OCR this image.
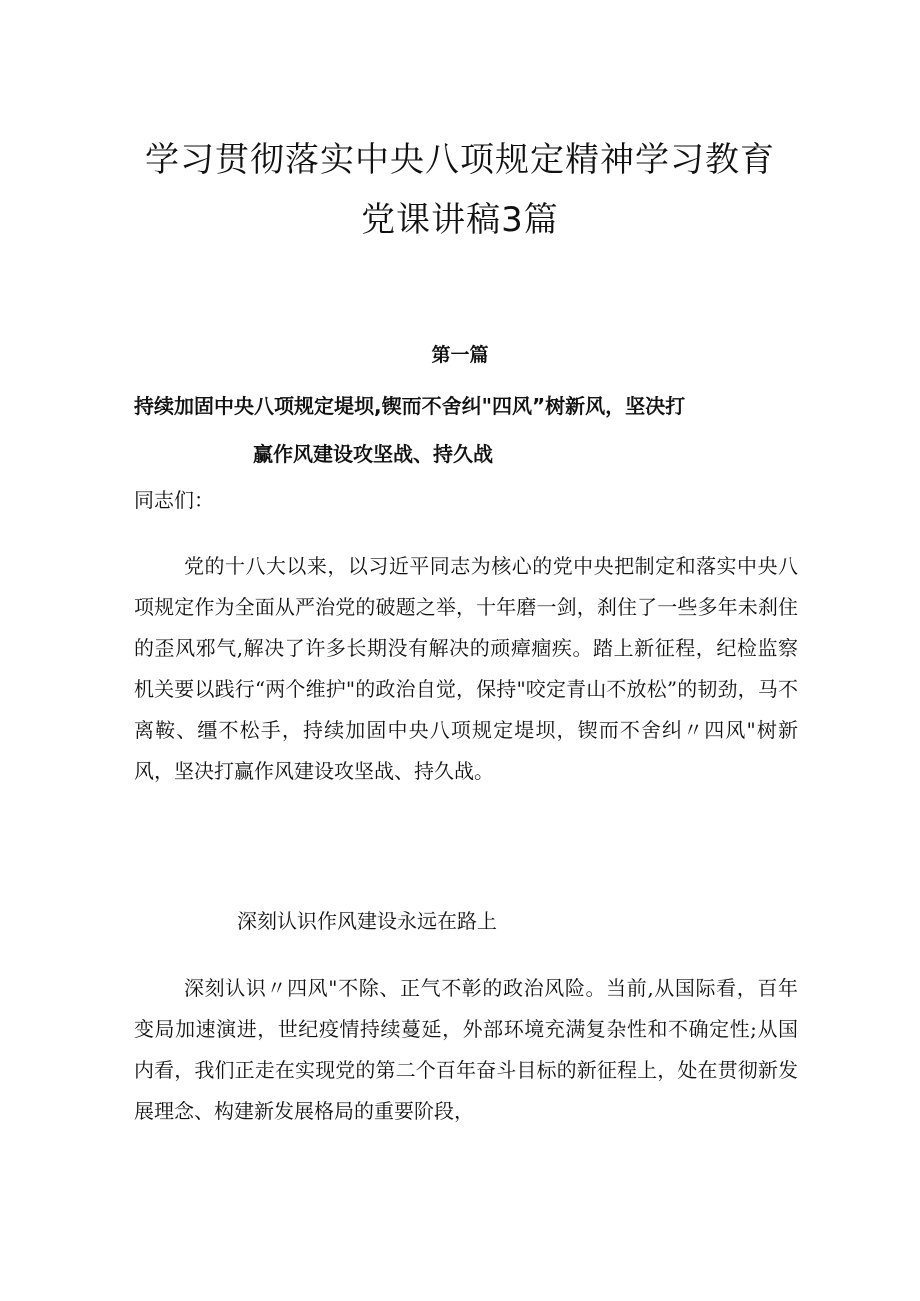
学习贯彻落实中央八项规定精神学习教育
党课讲稿3篇
第一篇
持续加固中央八项规定堤坝,锲而不舍纠"四风”树新风，坚决打
赢作风建设攻坚战、持久战
同志们：
党的十八大以来，以习近平同志为核心的党中央把制定和落实中央八项规定作为全面从严治党的破题之举，十年磨一剑，刹住了一些多年未刹住的歪风邪气,解决了许多长期没有解决的顽瘴痼疾。踏上新征程，纪检监察机关要以践行“两个维护"的政治自觉，保持"咬定青山不放松”的韧劲，马不离鞍、缰不松手，持续加固中央八项规定堤坝，锲而不舍纠〃四风"树新风，坚决打赢作风建设攻坚战、持久战。
深刻认识作风建设永远在路上
深刻认识〃四风"不除、正气不彰的政治风险。当前,从国际看，百年变局加速演进，世纪疫情持续蔓延，外部环境充满复杂性和不确定性;从国内看，我们正走在实现党的第二个百年奋斗目标的新征程上，处在贯彻新发展理念、构建新发展格局的重要阶段，
